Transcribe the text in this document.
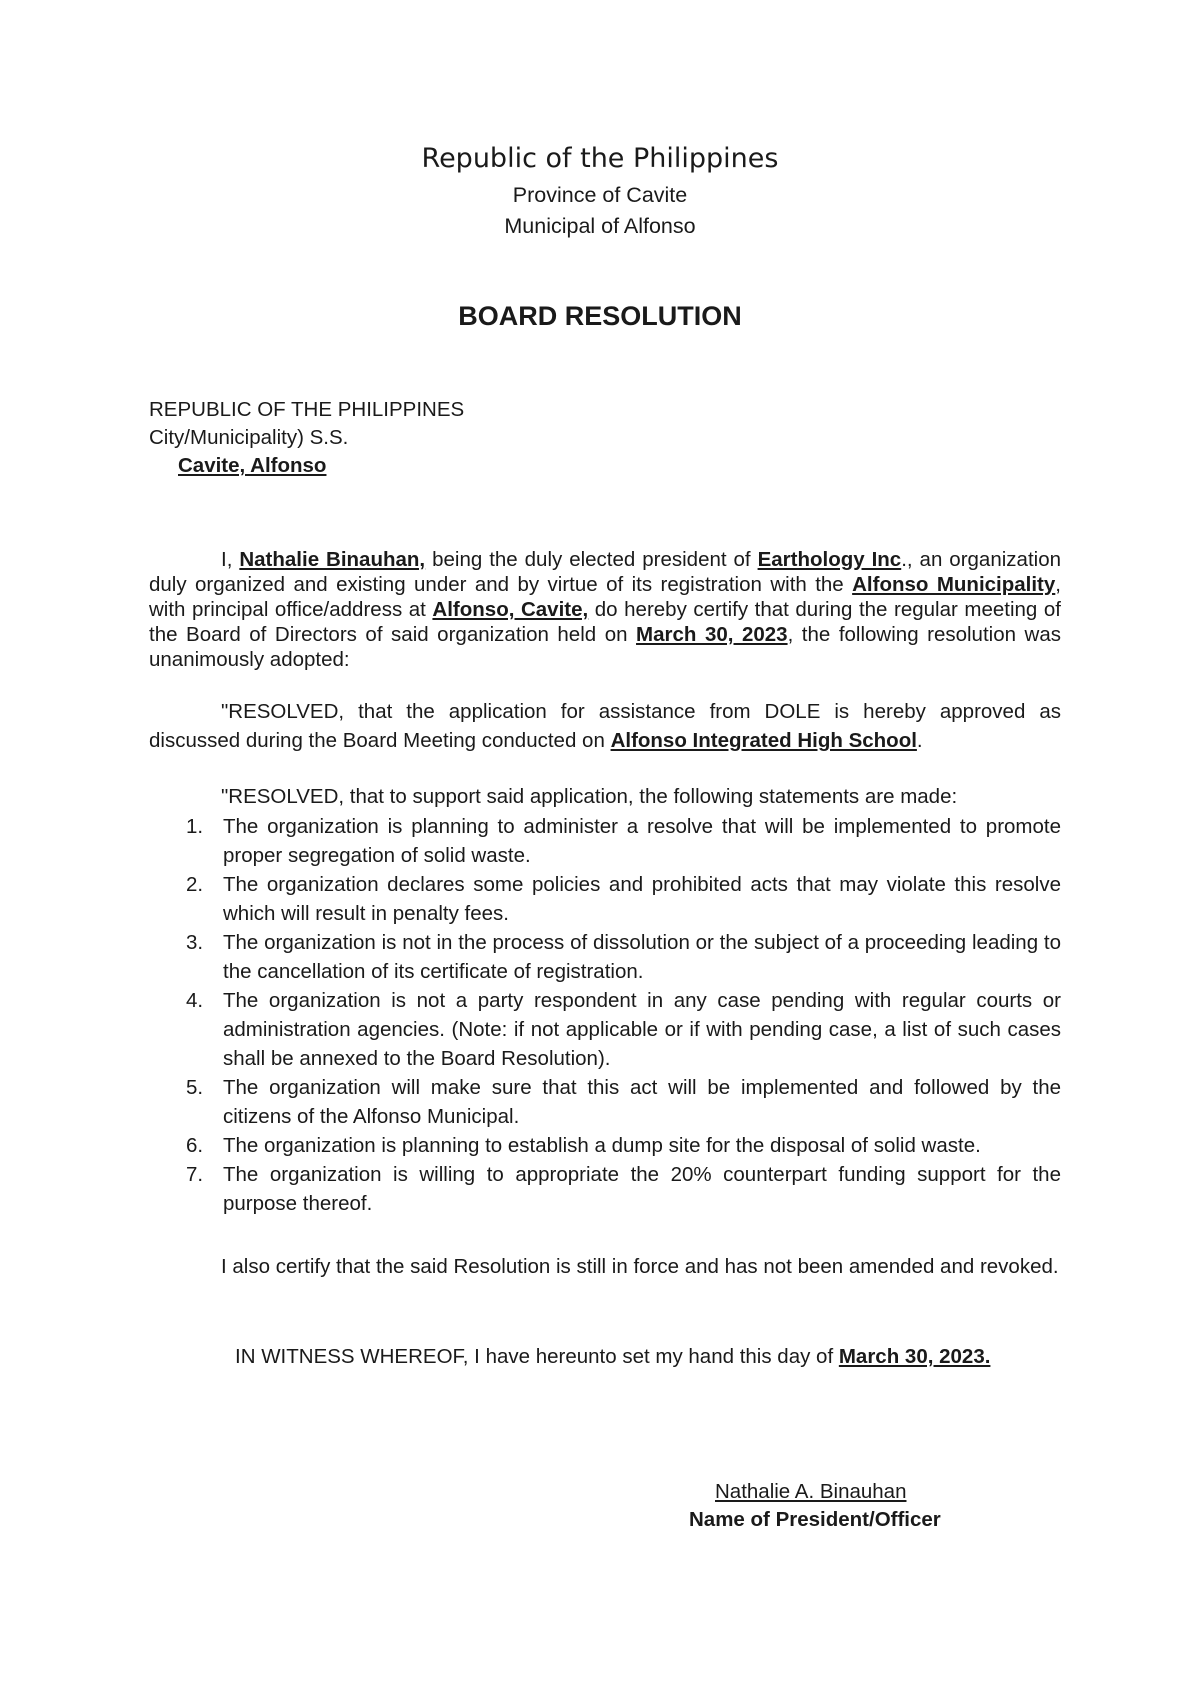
Republic of the Philippines
Province of Cavite
Municipal of Alfonso
BOARD RESOLUTION
REPUBLIC OF THE PHILIPPINES
City/Municipality) S.S.
Cavite, Alfonso
I, Nathalie Binauhan, being the duly elected president of Earthology Inc., an organization duly organized and existing under and by virtue of its registration with the Alfonso Municipality, with principal office/address at Alfonso, Cavite, do hereby certify that during the regular meeting of the Board of Directors of said organization held on March 30, 2023, the following resolution was unanimously adopted:
"RESOLVED, that the application for assistance from DOLE is hereby approved as discussed during the Board Meeting conducted on Alfonso Integrated High School.
"RESOLVED, that to support said application, the following statements are made:
1. The organization is planning to administer a resolve that will be implemented to promote proper segregation of solid waste.
2. The organization declares some policies and prohibited acts that may violate this resolve which will result in penalty fees.
3. The organization is not in the process of dissolution or the subject of a proceeding leading to the cancellation of its certificate of registration.
4. The organization is not a party respondent in any case pending with regular courts or administration agencies. (Note: if not applicable or if with pending case, a list of such cases shall be annexed to the Board Resolution).
5. The organization will make sure that this act will be implemented and followed by the citizens of the Alfonso Municipal.
6. The organization is planning to establish a dump site for the disposal of solid waste.
7. The organization is willing to appropriate the 20% counterpart funding support for the purpose thereof.
I also certify that the said Resolution is still in force and has not been amended and revoked.
IN WITNESS WHEREOF, I have hereunto set my hand this day of March 30, 2023.
Nathalie A. Binauhan
Name of President/Officer
